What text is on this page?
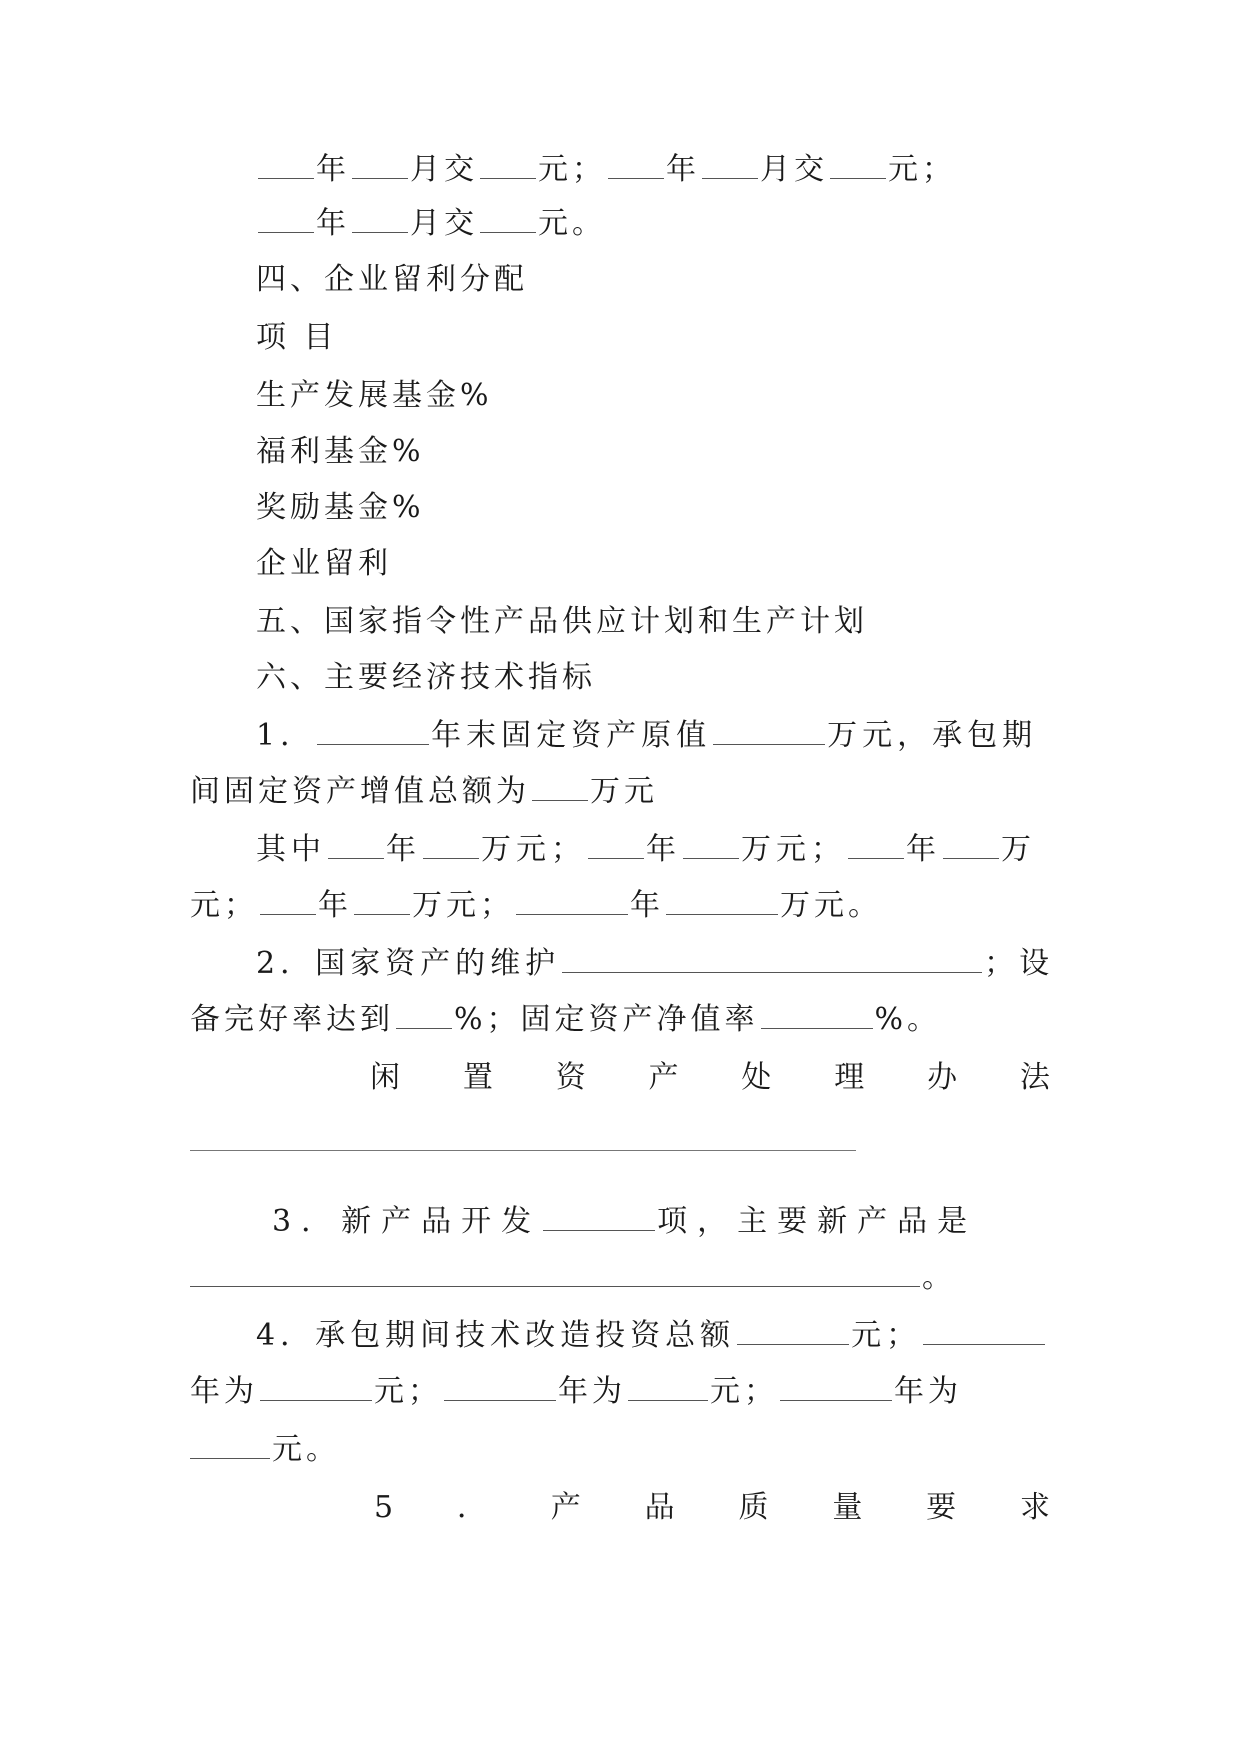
年 月交 元； 年 月交 元；
年 月交 元。
四、企业留利分配
项 目
生产发展基金%
福利基金%
奖励基金%
企业留利
五、国家指令性产品供应计划和生产计划
六、主要经济技术指标
1．	年末固定资产原值	万元，承包期
间固定资产增值总额为 万元
其中 年 万元； 年 万元； 年 万
元； 年 万元；	年	万元。
2．国家资产的维护	；设
备完好率达到 %；固定资产净值率	%。
闲 置 资 产 处 理 办 法
3．新产品开发	项，主要新产品是
。
4．承包期间技术改造投资总额	元；
年为	元；	年为	元；	年为
元。
5 ． 产 品 质 量 要 求
